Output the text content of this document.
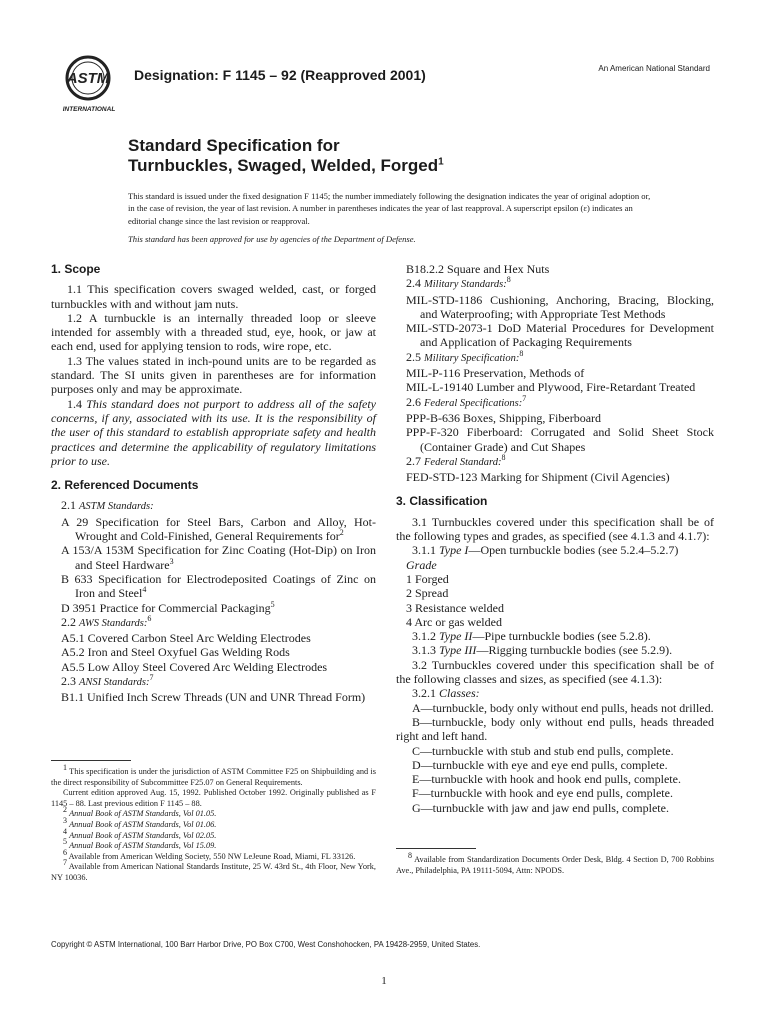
ASTM
INTERNATIONAL
Designation: F 1145 – 92 (Reapproved 2001)	An American National Standard
Standard Specification for
Turnbuckles, Swaged, Welded, Forged$^1$
This standard is issued under the fixed designation F 1145; the number immediately following the designation indicates the year of original adoption or, in the case of revision, the year of last revision. A number in parentheses indicates the year of last reapproval. A superscript epsilon (ε) indicates an editorial change since the last revision or reapproval.
This standard has been approved for use by agencies of the Department of Defense.
1. Scope

1.1 This specification covers swaged welded, cast, or forged turnbuckles with and without jam nuts.

1.2 A turnbuckle is an internally threaded loop or sleeve intended for assembly with a threaded stud, eye, hook, or jaw at each end, used for applying tension to rods, wire rope, etc.

1.3 The values stated in inch-pound units are to be regarded as standard. The SI units given in parentheses are for information purposes only and may be approximate.

1.4 This standard does not purport to address all of the safety concerns, if any, associated with its use. It is the responsibility of the user of this standard to establish appropriate safety and health practices and determine the applicability of regulatory limitations prior to use.

2. Referenced Documents

2.1 ASTM Standards:

A 29 Specification for Steel Bars, Carbon and Alloy, Hot-Wrought and Cold-Finished, General Requirements for$^2$

A 153/A 153M Specification for Zinc Coating (Hot-Dip) on Iron and Steel Hardware$^3$

B 633 Specification for Electrodeposited Coatings of Zinc on Iron and Steel$^4$

D 3951 Practice for Commercial Packaging$^5$

2.2 AWS Standards:$^6$

A5.1 Covered Carbon Steel Arc Welding Electrodes

A5.2 Iron and Steel Oxyfuel Gas Welding Rods

A5.5 Low Alloy Steel Covered Arc Welding Electrodes

2.3 ANSI Standards:$^7$

B1.1 Unified Inch Screw Threads (UN and UNR Thread Form)

$^1$ This specification is under the jurisdiction of ASTM Committee F25 on Shipbuilding and is the direct responsibility of Subcommittee F25.07 on General Requirements.

Current edition approved Aug. 15, 1992. Published October 1992. Originally published as F 1145 – 88. Last previous edition F 1145 – 88.

$^2$ Annual Book of ASTM Standards, Vol 01.05.

$^3$ Annual Book of ASTM Standards, Vol 01.06.

$^4$ Annual Book of ASTM Standards, Vol 02.05.

$^5$ Annual Book of ASTM Standards, Vol 15.09.

$^6$ Available from American Welding Society, 550 NW LeJeune Road, Miami, FL 33126.

$^7$ Available from American National Standards Institute, 25 W. 43rd St., 4th Floor, New York, NY 10036.

B18.2.2 Square and Hex Nuts

2.4 Military Standards:$^8$

MIL-STD-1186 Cushioning, Anchoring, Bracing, Blocking, and Waterproofing; with Appropriate Test Methods

MIL-STD-2073-1 DoD Material Procedures for Development and Application of Packaging Requirements

2.5 Military Specification:$^8$

MIL-P-116 Preservation, Methods of

MIL-L-19140 Lumber and Plywood, Fire-Retardant Treated

2.6 Federal Specifications:$^7$

PPP-B-636 Boxes, Shipping, Fiberboard

PPP-F-320 Fiberboard: Corrugated and Solid Sheet Stock (Container Grade) and Cut Shapes

2.7 Federal Standard:$^8$

FED-STD-123 Marking for Shipment (Civil Agencies)

3. Classification

3.1 Turnbuckles covered under this specification shall be of the following types and grades, as specified (see 4.1.3 and 4.1.7):

3.1.1 Type I—Open turnbuckle bodies (see 5.2.4–5.2.7)

Grade

1 Forged

2 Spread

3 Resistance welded

4 Arc or gas welded

3.1.2 Type II—Pipe turnbuckle bodies (see 5.2.8).

3.1.3 Type III—Rigging turnbuckle bodies (see 5.2.9).

3.2 Turnbuckles covered under this specification shall be of the following classes and sizes, as specified (see 4.1.3):

3.2.1 Classes:

A—turnbuckle, body only without end pulls, heads not drilled.

B—turnbuckle, body only without end pulls, heads threaded right and left hand.

C—turnbuckle with stub and stub end pulls, complete.

D—turnbuckle with eye and eye end pulls, complete.

E—turnbuckle with hook and hook end pulls, complete.

F—turnbuckle with hook and eye end pulls, complete.

G—turnbuckle with jaw and jaw end pulls, complete.

$^8$ Available from Standardization Documents Order Desk, Bldg. 4 Section D, 700 Robbins Ave., Philadelphia, PA 19111-5094, Attn: NPODS.

Copyright © ASTM International, 100 Barr Harbor Drive, PO Box C700, West Conshohocken, PA 19428-2959, United States.
1
